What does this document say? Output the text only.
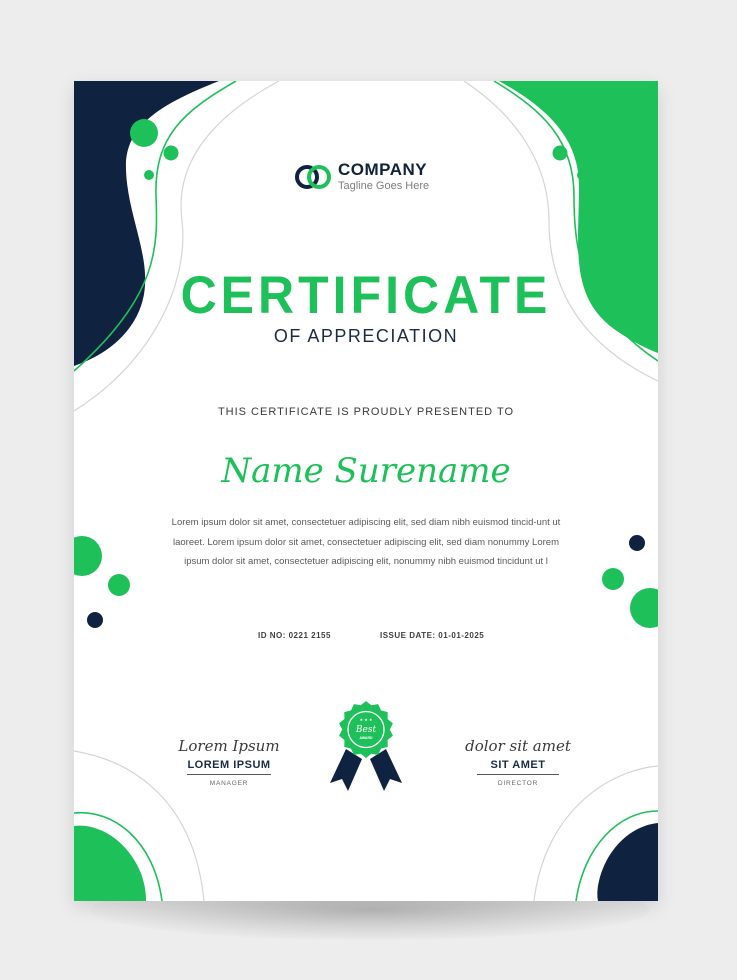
COMPANY
Tagline Goes Here
CERTIFICATE
OF APPRECIATION
THIS CERTIFICATE IS PROUDLY PRESENTED TO
Name Surename
Lorem ipsum dolor sit amet, consectetuer adipiscing elit, sed diam nibh euismod tincid-unt ut laoreet. Lorem ipsum dolor sit amet, consectetuer adipiscing elit, sed diam nonummy Lorem ipsum dolor sit amet, consectetuer adipiscing elit, nonummy nibh euismod tincidunt ut l
ID NO: 0221 2155	ISSUE DATE: 01-01-2025
Best
AWARD
★ ★ ★
Lorem Ipsum
LOREM IPSUM
MANAGER
dolor sit amet
SIT AMET
DIRECTOR
